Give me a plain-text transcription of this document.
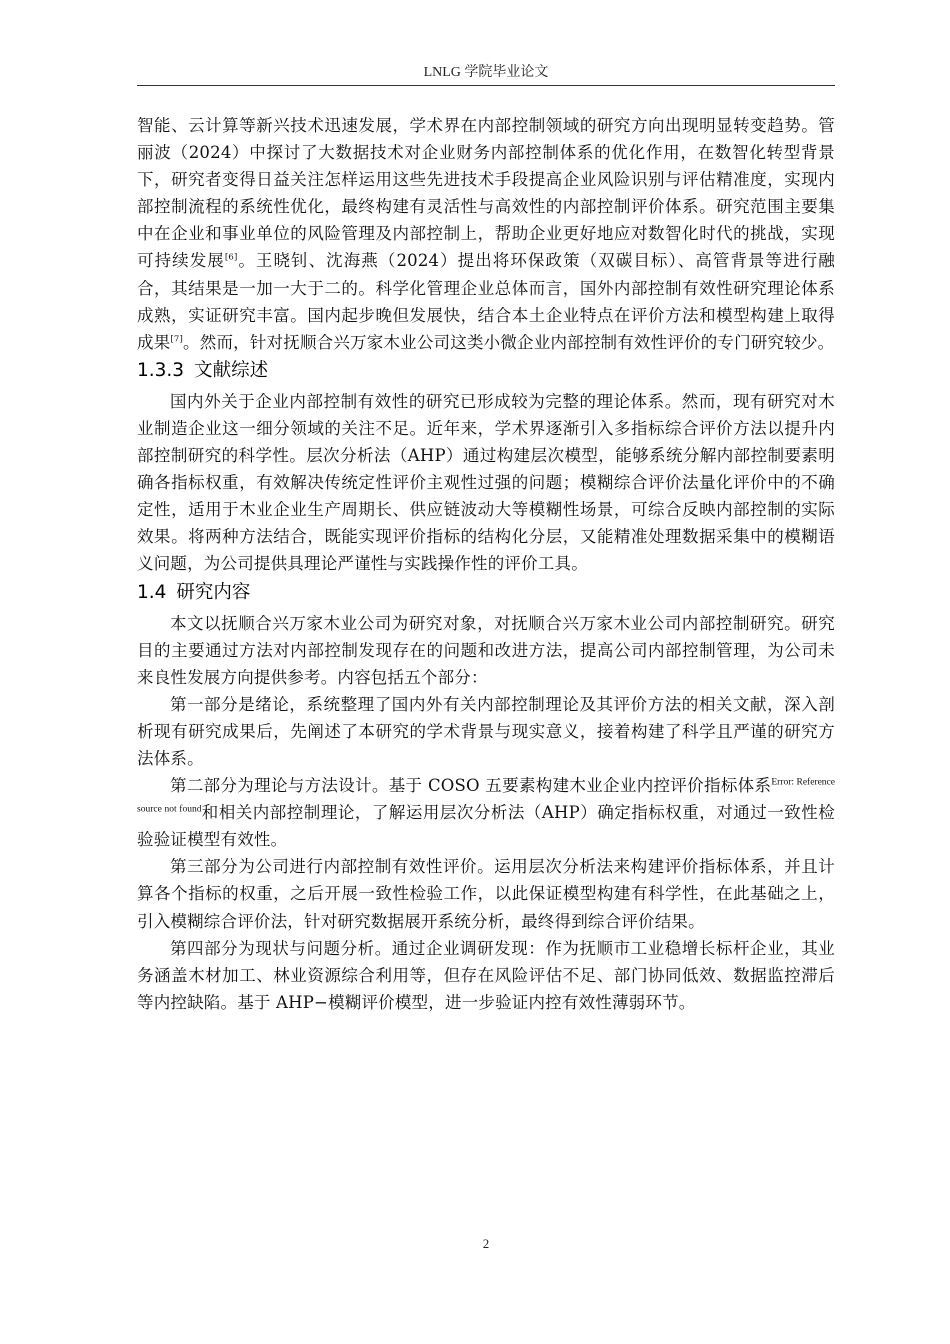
LNLG 学院毕业论文

智能、云计算等新兴技术迅速发展，学术界在内部控制领域的研究方向出现明显转变趋势。管丽波（2024）中探讨了大数据技术对企业财务内部控制体系的优化作用，在数智化转型背景下，研究者变得日益关注怎样运用这些先进技术手段提高企业风险识别与评估精准度，实现内部控制流程的系统性优化，最终构建有灵活性与高效性的内部控制评价体系。研究范围主要集中在企业和事业单位的风险管理及内部控制上，帮助企业更好地应对数智化时代的挑战，实现可持续发展[6]。王晓钊、沈海燕（2024）提出将环保政策（双碳目标）、高管背景等进行融合，其结果是一加一大于二的。科学化管理企业总体而言，国外内部控制有效性研究理论体系成熟，实证研究丰富。国内起步晚但发展快，结合本土企业特点在评价方法和模型构建上取得成果[7]。然而，针对抚顺合兴万家木业公司这类小微企业内部控制有效性评价的专门研究较少。

1.3.3 文献综述

国内外关于企业内部控制有效性的研究已形成较为完整的理论体系。然而，现有研究对木业制造企业这一细分领域的关注不足。近年来，学术界逐渐引入多指标综合评价方法以提升内部控制研究的科学性。层次分析法（AHP）通过构建层次模型，能够系统分解内部控制要素明确各指标权重，有效解决传统定性评价主观性过强的问题；模糊综合评价法量化评价中的不确定性，适用于木业企业生产周期长、供应链波动大等模糊性场景，可综合反映内部控制的实际效果。将两种方法结合，既能实现评价指标的结构化分层，又能精准处理数据采集中的模糊语义问题，为公司提供具理论严谨性与实践操作性的评价工具。

1.4 研究内容

本文以抚顺合兴万家木业公司为研究对象，对抚顺合兴万家木业公司内部控制研究。研究目的主要通过方法对内部控制发现存在的问题和改进方法，提高公司内部控制管理，为公司未来良性发展方向提供参考。内容包括五个部分：

第一部分是绪论，系统整理了国内外有关内部控制理论及其评价方法的相关文献，深入剖析现有研究成果后，先阐述了本研究的学术背景与现实意义，接着构建了科学且严谨的研究方法体系。

第二部分为理论与方法设计。基于 COSO 五要素构建木业企业内控评价指标体系$^{Error: Reference source not found}$和相关内部控制理论，了解运用层次分析法（AHP）确定指标权重，对通过一致性检验验证模型有效性。

第三部分为公司进行内部控制有效性评价。运用层次分析法来构建评价指标体系，并且计算各个指标的权重，之后开展一致性检验工作，以此保证模型构建有科学性，在此基础之上，引入模糊综合评价法，针对研究数据展开系统分析，最终得到综合评价结果。

第四部分为现状与问题分析。通过企业调研发现：作为抚顺市工业稳增长标杆企业，其业务涵盖木材加工、林业资源综合利用等，但存在风险评估不足、部门协同低效、数据监控滞后等内控缺陷。基于 AHP−模糊评价模型，进一步验证内控有效性薄弱环节。

2
